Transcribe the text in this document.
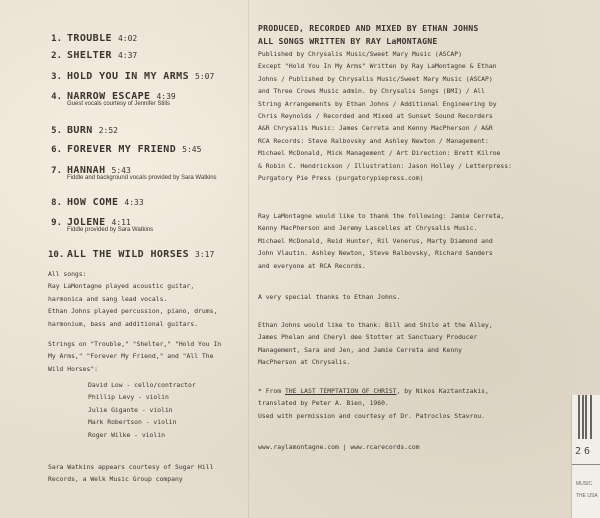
1. TROUBLE 4:02
2. SHELTER 4:37
3. HOLD YOU IN MY ARMS 5:07
4. NARROW ESCAPE 4:39
Guest vocals courtesy of Jennifer Stills
5. BURN 2:52
6. FOREVER MY FRIEND 5:45
7. HANNAH 5:43
Fiddle and background vocals provided by Sara Watkins
8. HOW COME 4:33
9. JOLENE 4:11
Fiddle provided by Sara Watkins
10. ALL THE WILD HORSES 3:17
All songs:
Ray LaMontagne played acoustic guitar,
harmonica and sang lead vocals.
Ethan Johns played percussion, piano, drums,
harmonium, bass and additional guitars.
Strings on "Trouble," "Shelter," "Hold You In
My Arms," "Forever My Friend," and "All The
Wild Horses":
David Low - cello/contractor
Phillip Levy - violin
Julie Gigante - violin
Mark Robertson - violin
Roger Wilke - violin
Sara Watkins appears courtesy of Sugar Hill
Records, a Welk Music Group company
PRODUCED, RECORDED AND MIXED BY ETHAN JOHNS
ALL SONGS WRITTEN BY RAY LaMONTAGNE
Published by Chrysalis Music/Sweet Mary Music (ASCAP)
Except "Hold You In My Arms" Written by Ray LaMontagne & Ethan
Johns / Published by Chrysalis Music/Sweet Mary Music (ASCAP)
and Three Crows Music admin. by Chrysalis Songs (BMI) / All
String Arrangements by Ethan Johns / Additional Engineering by
Chris Reynolds / Recorded and Mixed at Sunset Sound Recorders
A&R Chrysalis Music: James Cerreta and Kenny MacPherson / A&R
RCA Records: Steve Ralbovsky and Ashley Newton / Management:
Michael McDonald, Mick Management / Art Direction: Brett Kilroe
& Robin C. Hendrickson / Illustration: Jason Holley / Letterpress:
Purgatory Pie Press (purgatorypiepress.com)
Ray LaMontagne would like to thank the following: Jamie Cerreta,
Kenny MacPherson and Jeremy Lascelles at Chrysalis Music.
Michael McDonald, Reid Hunter, Ril Venerus, Marty Diamond and
John Vlautin. Ashley Newton, Steve Ralbovsky, Richard Sanders
and everyone at RCA Records.
A very special thanks to Ethan Johns.
Ethan Johns would like to thank: Bill and Shilo at the Alley,
James Phelan and Cheryl dee Stotter at Sanctuary Producer
Management, Sara and Jen, and Jamie Cerreta and Kenny
MacPherson at Chrysalis.
* From THE LAST TEMPTATION OF CHRIST, by Nikos Kaztantzakis,
translated by Peter A. Bien, 1960.
Used with permission and courtesy of Dr. Patroclos Stavrou.
www.raylamontagne.com | www.rcarecords.com	26
MUSIC
THE USA
